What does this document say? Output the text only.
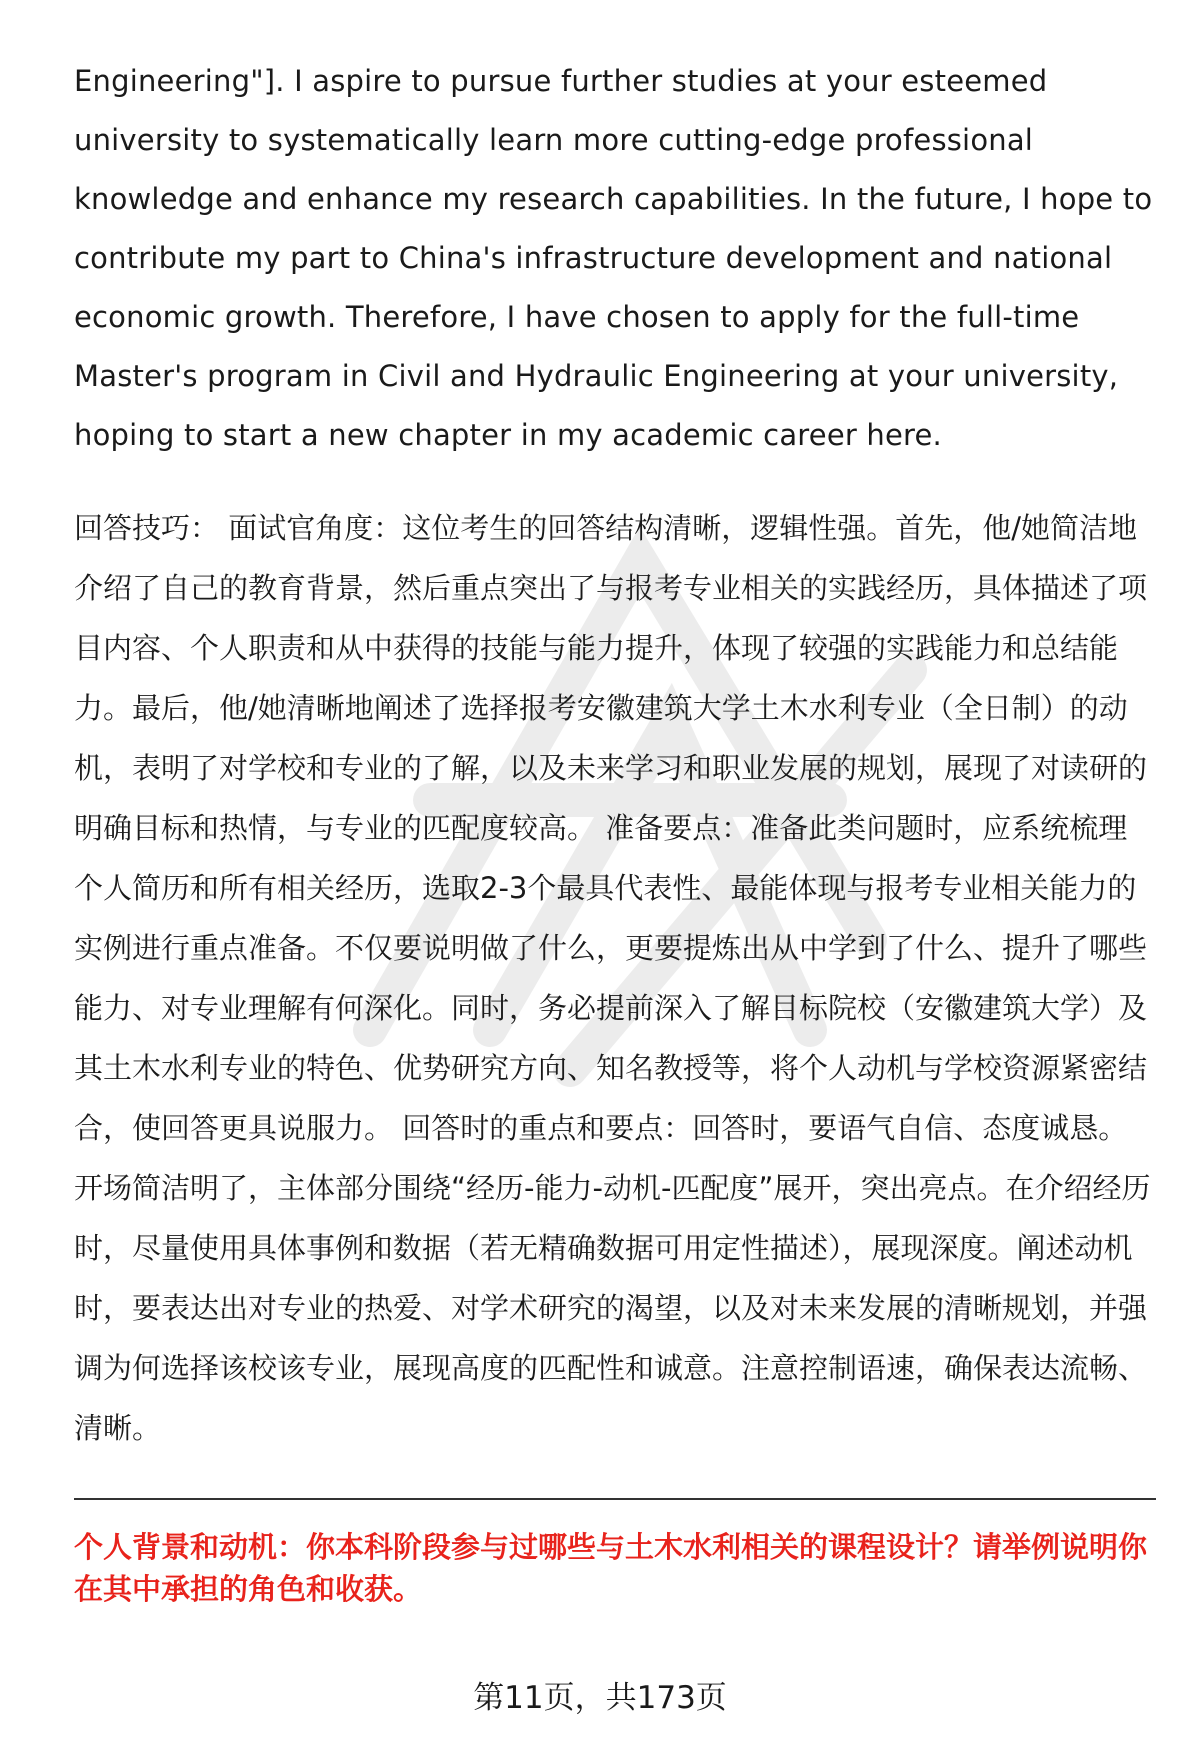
Engineering"]. I aspire to pursue further studies at your esteemed university to systematically learn more cutting-edge professional knowledge and enhance my research capabilities. In the future, I hope to contribute my part to China's infrastructure development and national economic growth. Therefore, I have chosen to apply for the full-time Master's program in Civil and Hydraulic Engineering at your university, hoping to start a new chapter in my academic career here.

回答技巧： 面试官角度：这位考生的回答结构清晰，逻辑性强。首先，他/她简洁地介绍了自己的教育背景，然后重点突出了与报考专业相关的实践经历，具体描述了项目内容、个人职责和从中获得的技能与能力提升，体现了较强的实践能力和总结能力。最后，他/她清晰地阐述了选择报考安徽建筑大学土木水利专业（全日制）的动机，表明了对学校和专业的了解，以及未来学习和职业发展的规划，展现了对读研的明确目标和热情，与专业的匹配度较高。 准备要点：准备此类问题时，应系统梳理个人简历和所有相关经历，选取2-3个最具代表性、最能体现与报考专业相关能力的实例进行重点准备。不仅要说明做了什么，更要提炼出从中学到了什么、提升了哪些能力、对专业理解有何深化。同时，务必提前深入了解目标院校（安徽建筑大学）及其土木水利专业的特色、优势研究方向、知名教授等，将个人动机与学校资源紧密结合，使回答更具说服力。 回答时的重点和要点：回答时，要语气自信、态度诚恳。开场简洁明了，主体部分围绕“经历-能力-动机-匹配度”展开，突出亮点。在介绍经历时，尽量使用具体事例和数据（若无精确数据可用定性描述），展现深度。阐述动机时，要表达出对专业的热爱、对学术研究的渴望，以及对未来发展的清晰规划，并强调为何选择该校该专业，展现高度的匹配性和诚意。注意控制语速，确保表达流畅、清晰。

个人背景和动机：你本科阶段参与过哪些与土木水利相关的课程设计？请举例说明你在其中承担的角色和收获。

第11页，共173页
